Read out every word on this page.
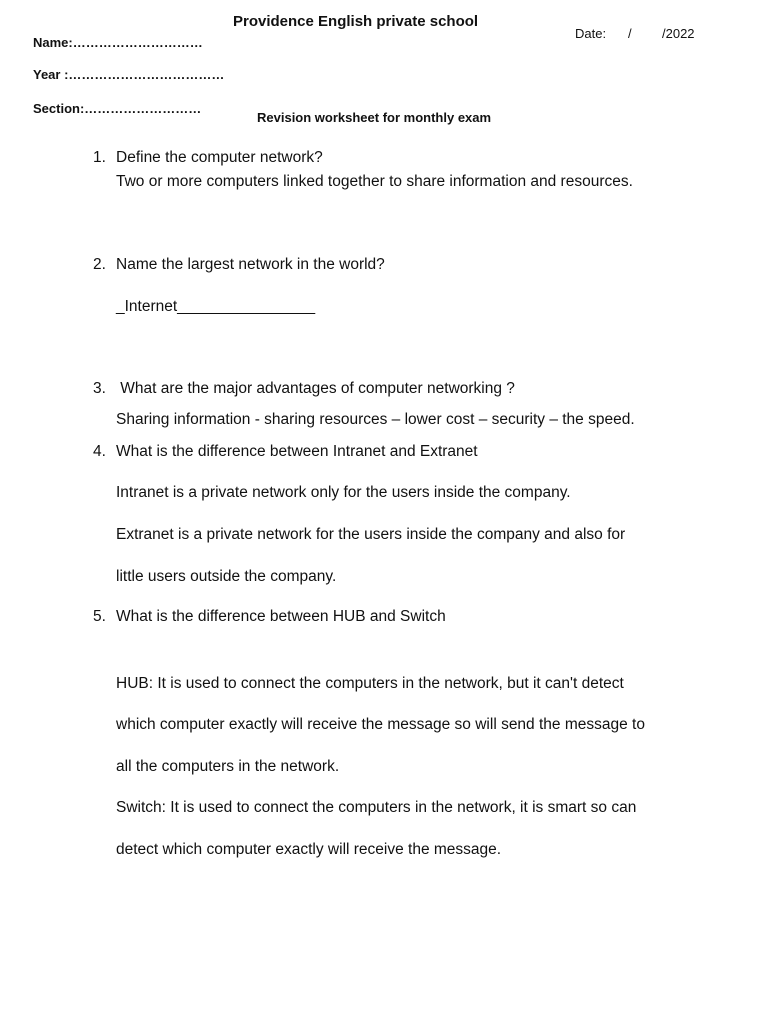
Providence English private school
Date: / /2022
Name:…………………………
Year :………………………………
Section:………………………
Revision worksheet for monthly exam
1. Define the computer network?
Two or more computers linked together to share information and resources.
2. Name the largest network in the world?
_Internet________________
3. What are the major advantages of computer networking ?
Sharing information - sharing resources – lower cost – security – the speed.
4. What is the difference between Intranet and Extranet
Intranet is a private network only for the users inside the company.
Extranet is a private network for the users inside the company and also for
little users outside the company.
5. What is the difference between HUB and Switch
HUB: It is used to connect the computers in the network, but it can't detect
which computer exactly will receive the message so will send the message to
all the computers in the network.
Switch: It is used to connect the computers in the network, it is smart so can
detect which computer exactly will receive the message.
